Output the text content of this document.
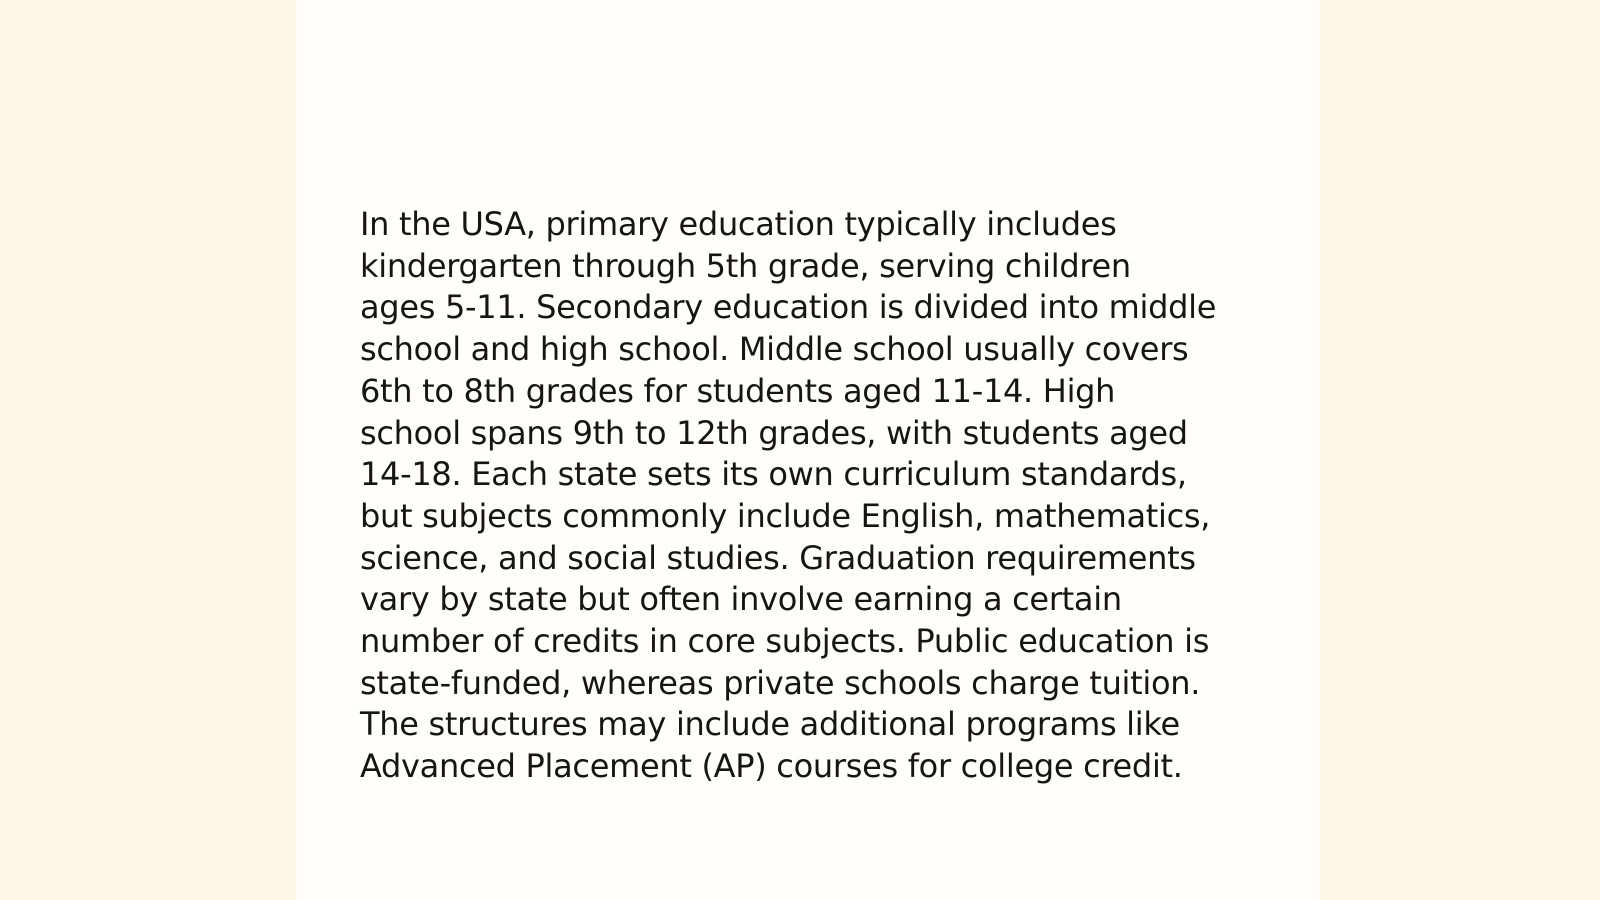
In the USA, primary education typically includes
kindergarten through 5th grade, serving children
ages 5-11. Secondary education is divided into middle
school and high school. Middle school usually covers
6th to 8th grades for students aged 11-14. High
school spans 9th to 12th grades, with students aged
14-18. Each state sets its own curriculum standards,
but subjects commonly include English, mathematics,
science, and social studies. Graduation requirements
vary by state but often involve earning a certain
number of credits in core subjects. Public education is
state-funded, whereas private schools charge tuition.
The structures may include additional programs like
Advanced Placement (AP) courses for college credit.
